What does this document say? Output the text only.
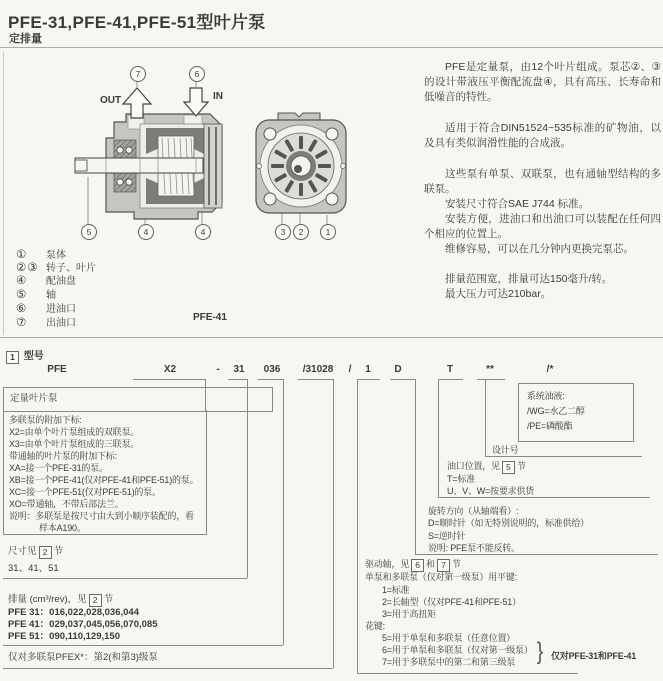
PFE-31,PFE-41,PFE-51型叶片泵
定排量
7	6
5	4	4	3	2	1
OUT	IN
PFE-41
① 泵体
②③ 转子、叶片
④ 配油盘
⑤ 轴
⑥ 进油口
⑦ 出油口

PFE是定量泵，由12个叶片组成。泵芯②、③的设计带液压平衡配流盘④，具有高压、长寿命和低噪音的特性。

适用于符合DIN51524~535标准的矿物油，以及具有类似润滑性能的合成液。

这些泵有单泵、双联泵，也有通轴型结构的多联泵。

安装尺寸符合SAE J744 标准。

安装方便，进油口和出油口可以装配在任何四个相应的位置上。

维修容易，可以在几分钟内更换完泵芯。

排量范围宽，排量可达150毫升/转。

最大压力可达210bar。

1 型号
PFE	X2	- 31 036 /31028 / 1 D	T	**	/*
定量叶片泵
多联泵的附加下标:
X2=由单个叶片泵组成的双联泵。
X3=由单个叶片泵组成的三联泵。
带通轴的叶片泵的附加下标:
XA=接一个PFE-31的泵。
XB=接一个PFE-41(仅对PFE-41和PFE-51)的泵。
XC=接一个PFE-51(仅对PFE-51)的泵。
XO=带通轴，不带后部法兰。
说明：多联泵是按尺寸由大到小顺序装配的，看
样本A190。
尺寸见 2 节
31、41、51
排量 (cm³/rev)，见 2 节
PFE 31：016,022,028,036,044
PFE 41：029,037,045,056,070,085
PFE 51：090,110,129,150
仅对多联泵PFEX*：第2(和第3)级泵
驱动轴，见 6 和 7 节
单泵和多联泵（仅对第一级泵）用平键:
1=标准
2=长轴型（仅对PFE-41和PFE-51）
3=用于高扭矩
花键:
5=用于单泵和多联泵（任意位置）
6=用于单泵和多联泵（仅对第一级泵）
7=用于多联泵中的第二和第三级泵 } 仅对PFE-31和PFE-41
旋转方向（从轴端看）:
D=顺时针（如无特别说明的，标准供给）
S=逆时针
说明: PFE泵不能反转。
油口位置，见 5 节
T=标准
U、V、W=按要求供货
设计号
系统油液:
/WG=水乙二醇
/PE=磷酸酯
